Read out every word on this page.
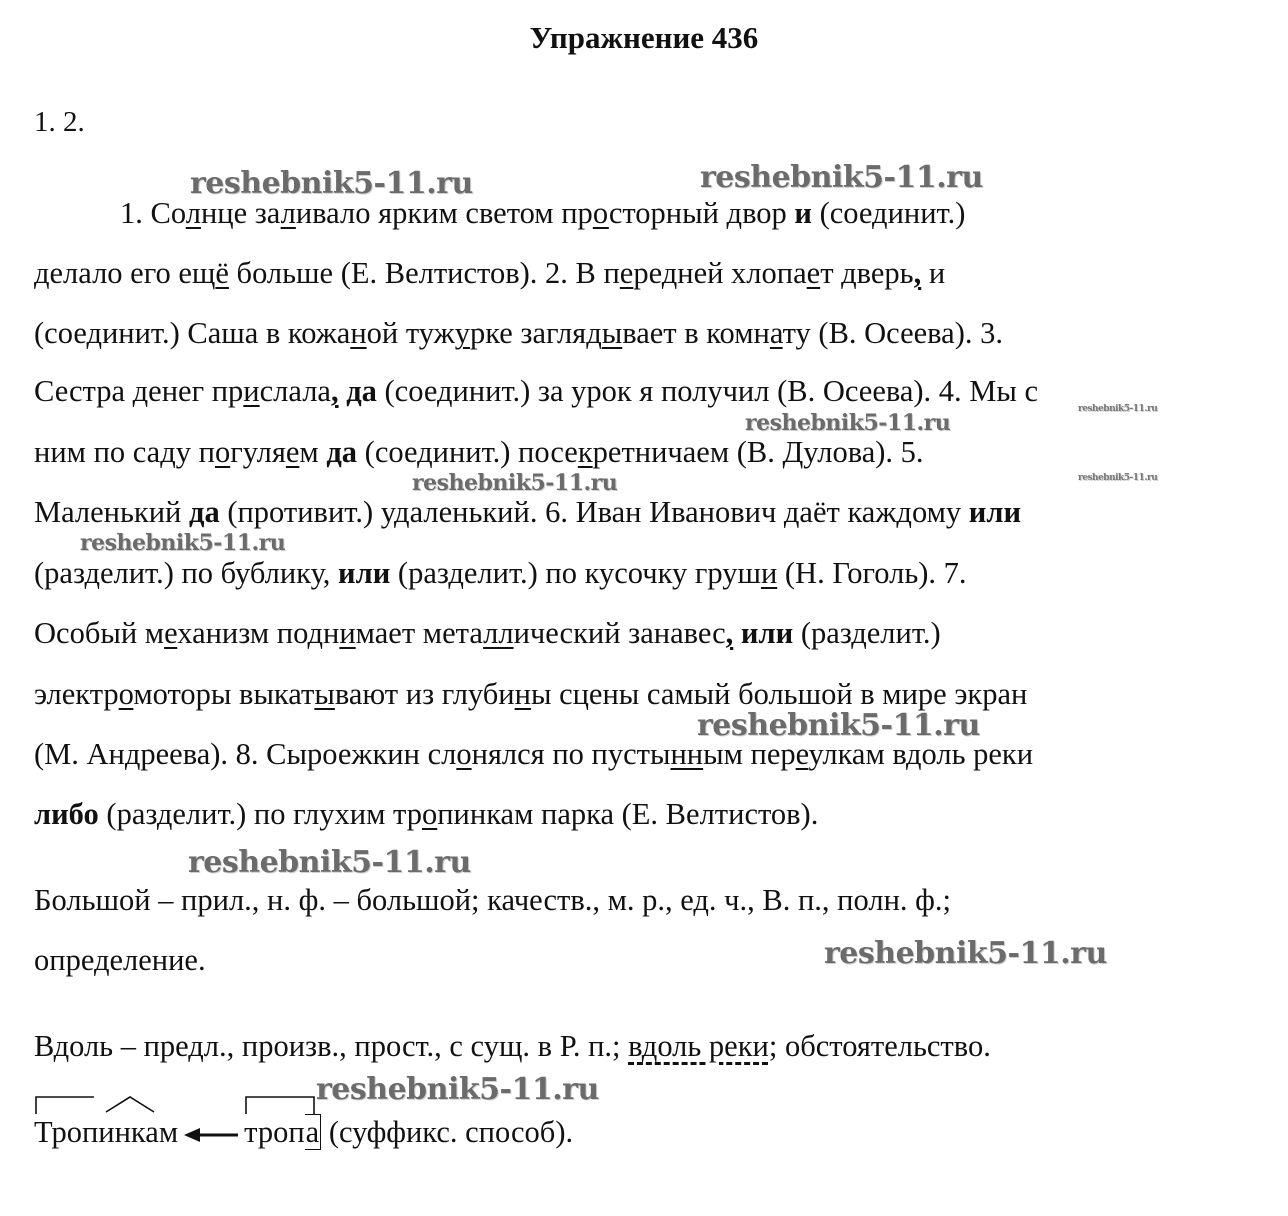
Упражнение 436
1. 2.
reshebnik5-11.ru	reshebnik5-11.ru
reshebnik5-11.ru
reshebnik5-11.ru
reshebnik5-11.ru
reshebnik5-11.ru
reshebnik5-11.ru
reshebnik5-11.ru
reshebnik5-11.ru
reshebnik5-11.ru
reshebnik5-11.ru
1. Солнце заливало ярким светом просторный двор и (соединит.)
делало его ещё больше (Е. Велтистов). 2. В передней хлопает дверь, и
(соединит.) Саша в кожаной тужурке заглядывает в комнату (В. Осеева). 3.
Сестра денег прислала, да (соединит.) за урок я получил (В. Осеева). 4. Мы с
ним по саду погуляем да (соединит.) посекретничаем (В. Дулова). 5.
Маленький да (противит.) удаленький. 6. Иван Иванович даёт каждому или
(разделит.) по бублику, или (разделит.) по кусочку груши (Н. Гоголь). 7.
Особый механизм поднимает металлический занавес, или (разделит.)
электромоторы выкатывают из глубины сцены самый большой в мире экран
(М. Андреева). 8. Сыроежкин слонялся по пустынным переулкам вдоль реки
либо (разделит.) по глухим тропинкам парка (Е. Велтистов).
Большой – прил., н. ф. – большой; качеств., м. р., ед. ч., В. п., полн. ф.;
определение.
Вдоль – предл., произв., прост., с сущ. в Р. п.; вдоль реки; обстоятельство.
Тропинкам тропа (суффикс. способ).
